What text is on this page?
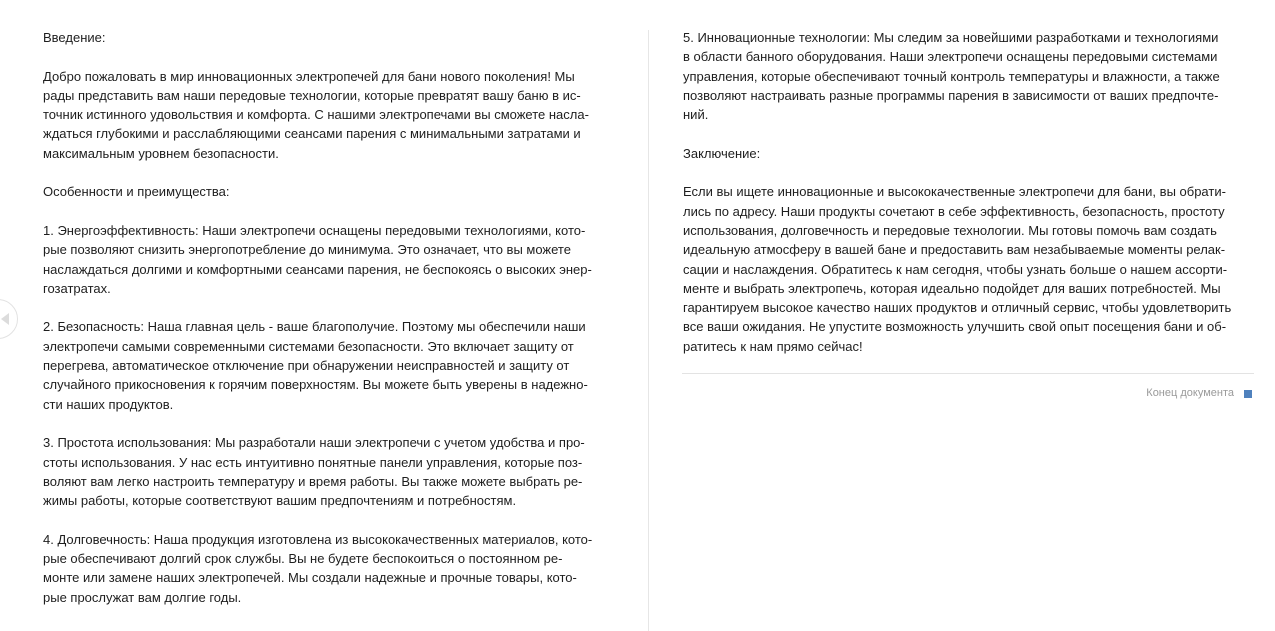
Введение:
Добро пожаловать в мир инновационных электропечей для бани нового поколения! Мы
рады представить вам наши передовые технологии, которые превратят вашу баню в ис-
точник истинного удовольствия и комфорта. С нашими электропечами вы сможете насла-
ждаться глубокими и расслабляющими сеансами парения с минимальными затратами и
максимальным уровнем безопасности.
Особенности и преимущества:
1. Энергоэффективность: Наши электропечи оснащены передовыми технологиями, кото-
рые позволяют снизить энергопотребление до минимума. Это означает, что вы можете
наслаждаться долгими и комфортными сеансами парения, не беспокоясь о высоких энер-
гозатратах.
2. Безопасность: Наша главная цель - ваше благополучие. Поэтому мы обеспечили наши
электропечи самыми современными системами безопасности. Это включает защиту от
перегрева, автоматическое отключение при обнаружении неисправностей и защиту от
случайного прикосновения к горячим поверхностям. Вы можете быть уверены в надежно-
сти наших продуктов.
3. Простота использования: Мы разработали наши электропечи с учетом удобства и про-
стоты использования. У нас есть интуитивно понятные панели управления, которые поз-
воляют вам легко настроить температуру и время работы. Вы также можете выбрать ре-
жимы работы, которые соответствуют вашим предпочтениям и потребностям.
4. Долговечность: Наша продукция изготовлена из высококачественных материалов, кото-
рые обеспечивают долгий срок службы. Вы не будете беспокоиться о постоянном ре-
монте или замене наших электропечей. Мы создали надежные и прочные товары, кото-
рые прослужат вам долгие годы.
5. Инновационные технологии: Мы следим за новейшими разработками и технологиями
в области банного оборудования. Наши электропечи оснащены передовыми системами
управления, которые обеспечивают точный контроль температуры и влажности, а также
позволяют настраивать разные программы парения в зависимости от ваших предпочте-
ний.
Заключение:
Если вы ищете инновационные и высококачественные электропечи для бани, вы обрати-
лись по адресу. Наши продукты сочетают в себе эффективность, безопасность, простоту
использования, долговечность и передовые технологии. Мы готовы помочь вам создать
идеальную атмосферу в вашей бане и предоставить вам незабываемые моменты релак-
сации и наслаждения. Обратитесь к нам сегодня, чтобы узнать больше о нашем ассорти-
менте и выбрать электропечь, которая идеально подойдет для ваших потребностей. Мы
гарантируем высокое качество наших продуктов и отличный сервис, чтобы удовлетворить
все ваши ожидания. Не упустите возможность улучшить свой опыт посещения бани и об-
ратитесь к нам прямо сейчас!
Конец документа
